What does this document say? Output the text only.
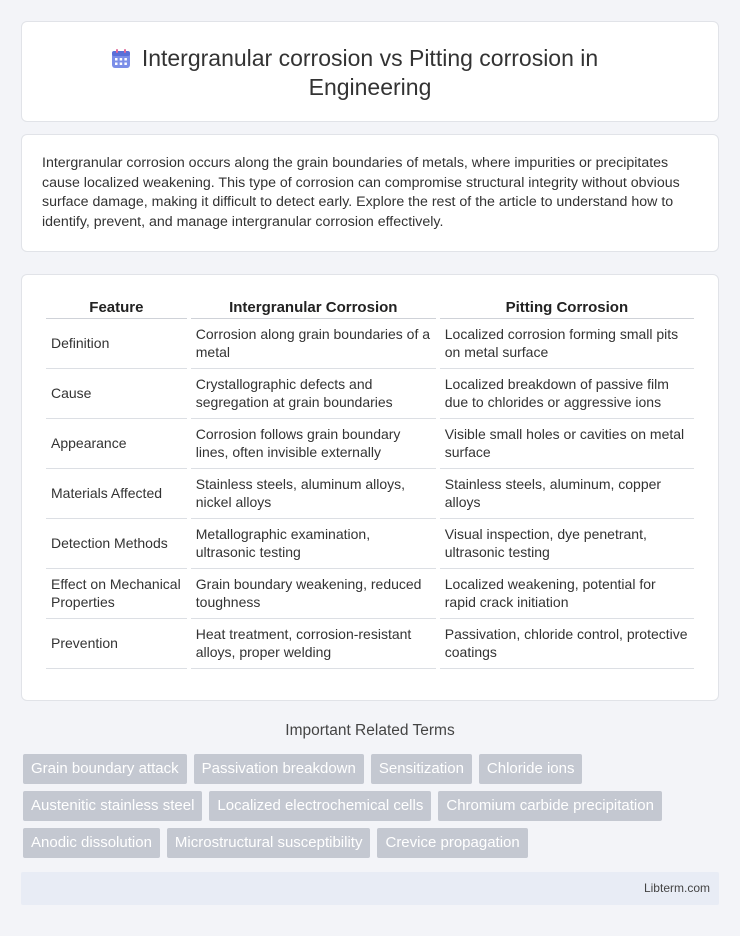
Intergranular corrosion vs Pitting corrosion in Engineering

Intergranular corrosion occurs along the grain boundaries of metals, where impurities or precipitates cause localized weakening. This type of corrosion can compromise structural integrity without obvious surface damage, making it difficult to detect early. Explore the rest of the article to understand how to identify, prevent, and manage intergranular corrosion effectively.

Feature	Intergranular Corrosion	Pitting Corrosion
Definition	Corrosion along grain boundaries of a metal	Localized corrosion forming small pits on metal surface
Cause	Crystallographic defects and segregation at grain boundaries	Localized breakdown of passive film due to chlorides or aggressive ions
Appearance	Corrosion follows grain boundary lines, often invisible externally	Visible small holes or cavities on metal surface
Materials Affected	Stainless steels, aluminum alloys, nickel alloys	Stainless steels, aluminum, copper alloys
Detection Methods	Metallographic examination, ultrasonic testing	Visual inspection, dye penetrant, ultrasonic testing
Effect on Mechanical Properties	Grain boundary weakening, reduced toughness	Localized weakening, potential for rapid crack initiation
Prevention	Heat treatment, corrosion-resistant alloys, proper welding	Passivation, chloride control, protective coatings
Important Related Terms
Grain boundary attack	Passivation breakdown	Sensitization	Chloride ions
Austenitic stainless steel	Localized electrochemical cells	Chromium carbide precipitation
Anodic dissolution	Microstructural susceptibility	Crevice propagation
Libterm.com
